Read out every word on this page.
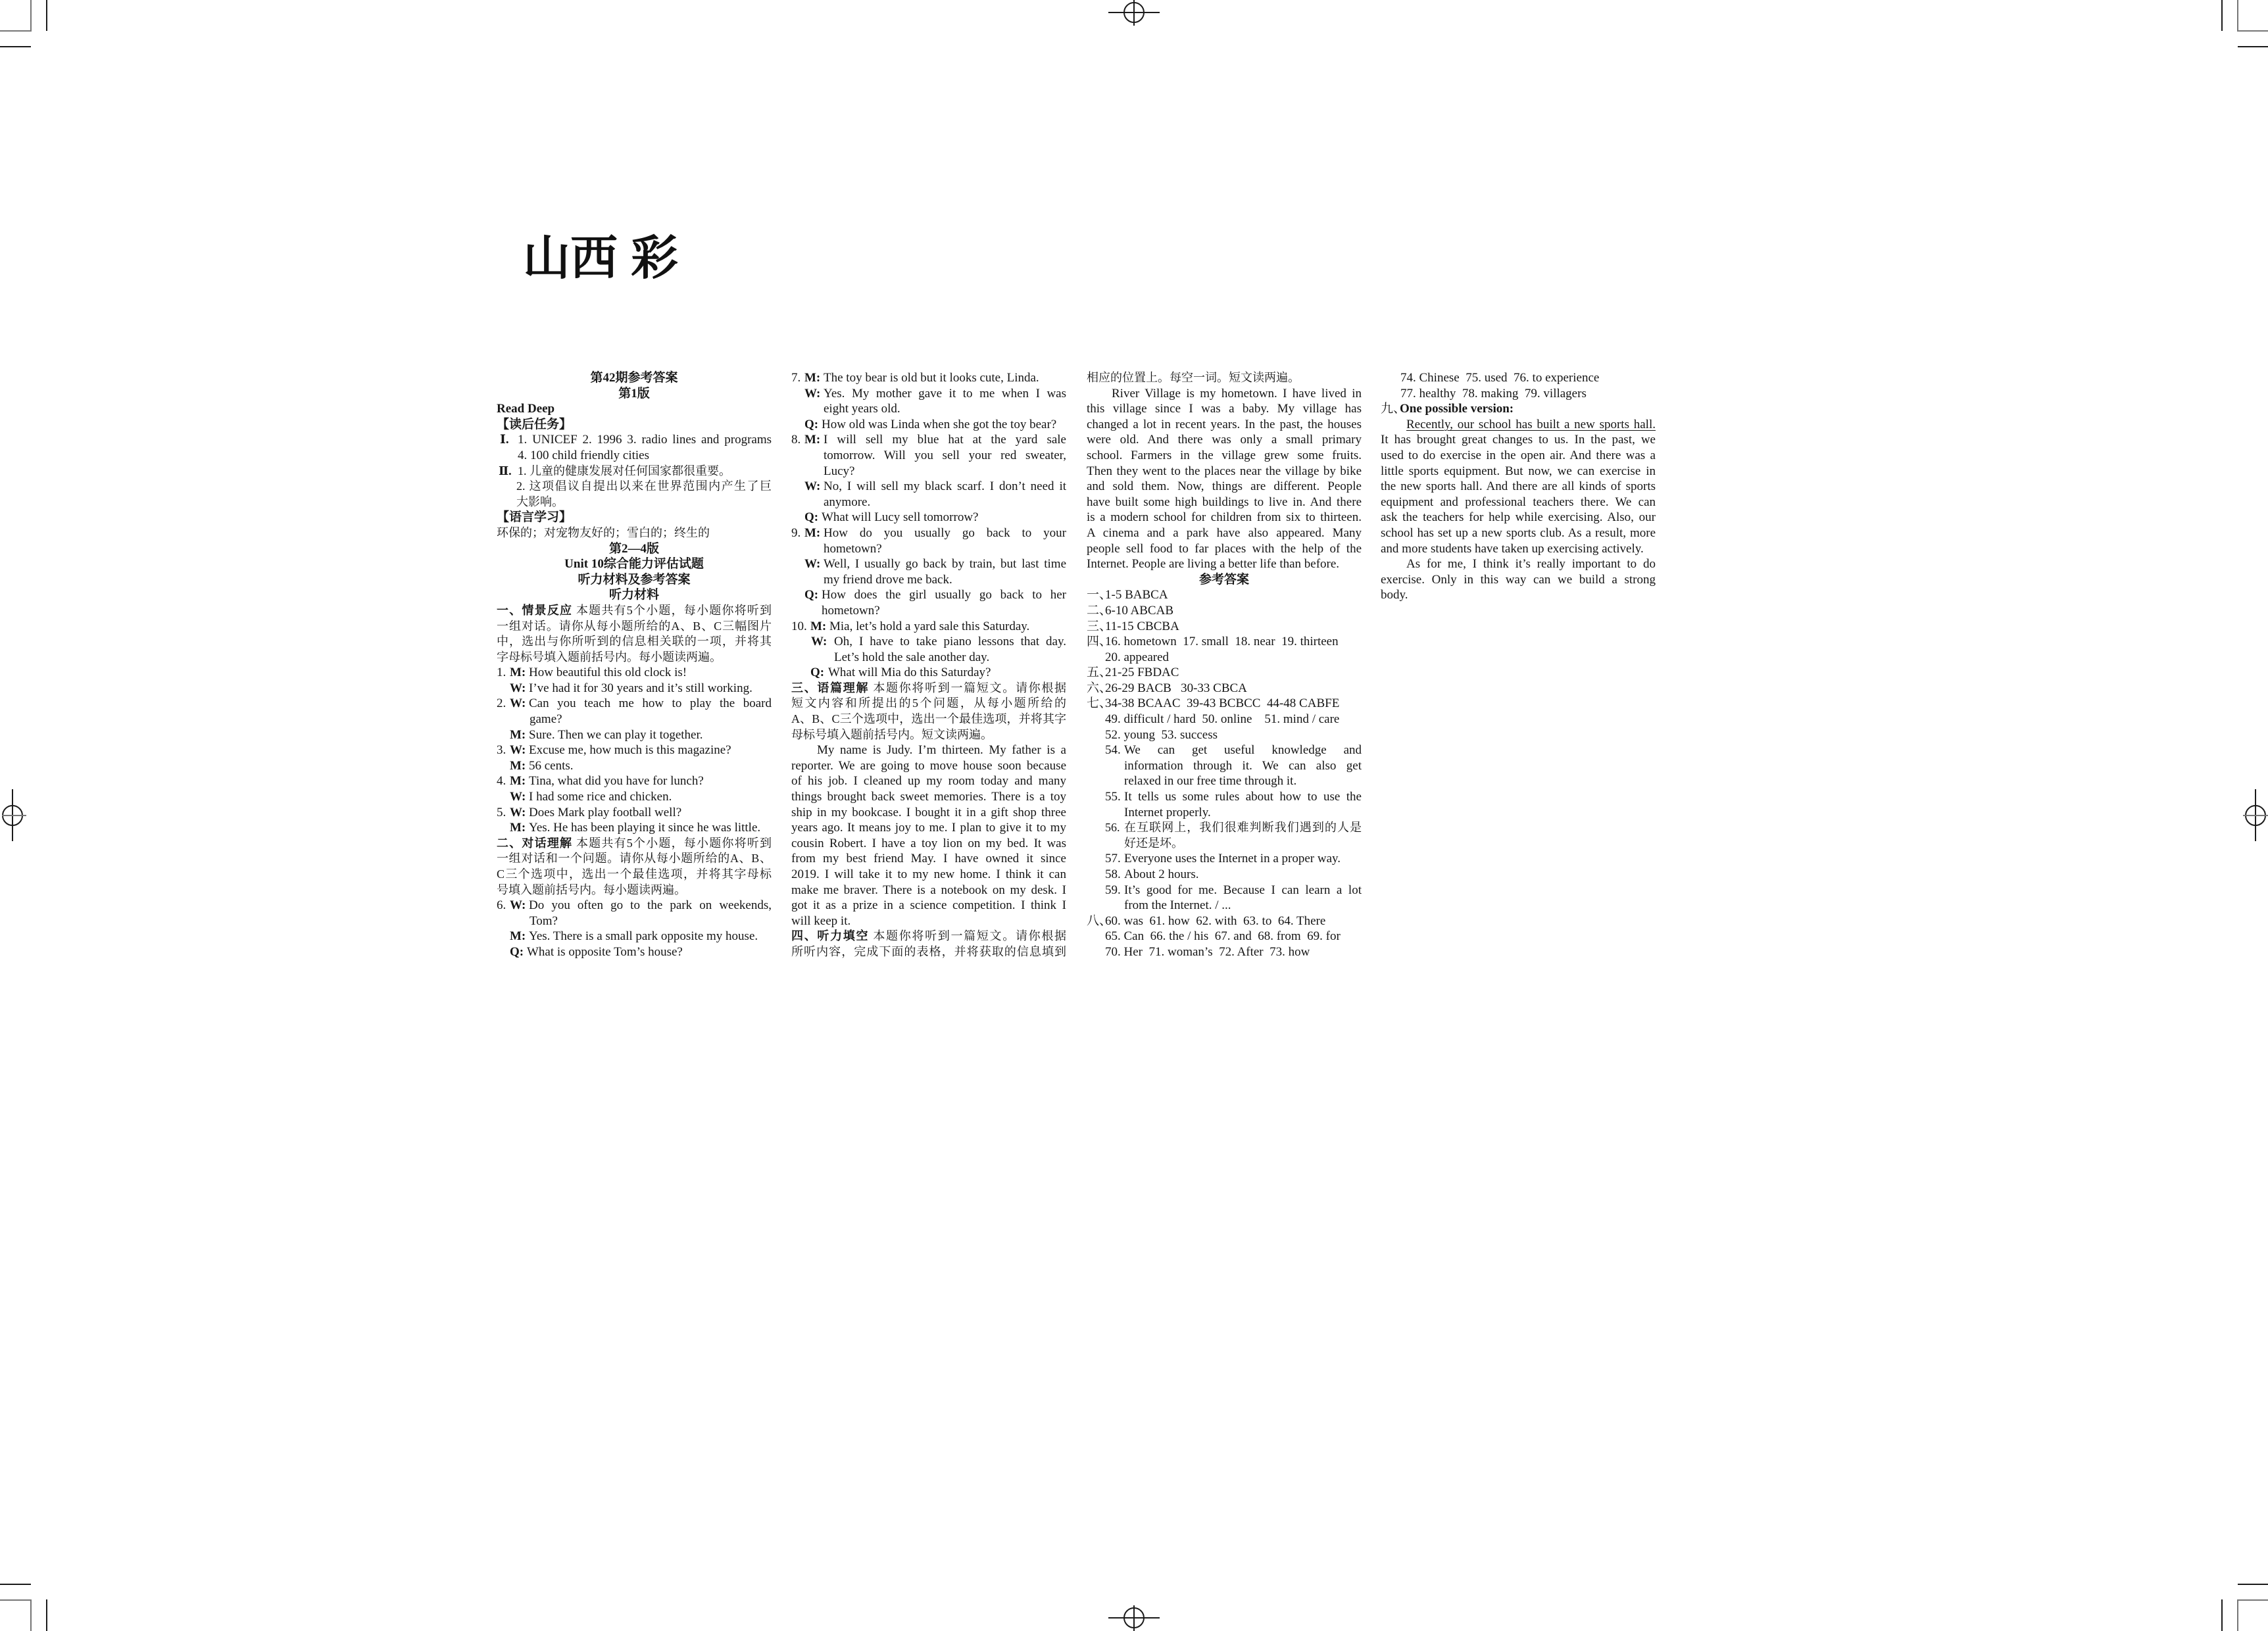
山西 彩
第42期参考答案
第1版
Read Deep
【读后任务】
Ⅰ. 1. UNICEF 2. 1996 3. radio lines and programs
4. 100 child friendly cities
Ⅱ. 1. 儿童的健康发展对任何国家都很重要。
2. 这项倡议自提出以来在世界范围内产生了巨
大影响。
【语言学习】
环保的；对宠物友好的；雪白的；终生的
第2—4版
Unit 10综合能力评估试题
听力材料及参考答案
听力材料
一、情景反应 本题共有5个小题，每小题你将听到
一组对话。请你从每小题所给的A、B、C三幅图片
中，选出与你所听到的信息相关联的一项，并将其
字母标号填入题前括号内。每小题读两遍。
1. M: How beautiful this old clock is!
W: I’ve had it for 30 years and it’s still working.
2. W: Can you teach me how to play the board
game?
M: Sure. Then we can play it together.
3. W: Excuse me, how much is this magazine?
M: 56 cents.
4. M: Tina, what did you have for lunch?
W: I had some rice and chicken.
5. W: Does Mark play football well?
M: Yes. He has been playing it since he was little.
二、对话理解 本题共有5个小题，每小题你将听到
一组对话和一个问题。请你从每小题所给的A、B、
C三个选项中，选出一个最佳选项，并将其字母标
号填入题前括号内。每小题读两遍。
6. W: Do you often go to the park on weekends,
Tom?
M: Yes. There is a small park opposite my house.
Q: What is opposite Tom’s house?
7. M: The toy bear is old but it looks cute, Linda.
W: Yes. My mother gave it to me when I was
eight years old.
Q: How old was Linda when she got the toy bear?
8. M: I will sell my blue hat at the yard sale
tomorrow. Will you sell your red sweater,
Lucy?
W: No, I will sell my black scarf. I don’t need it
anymore.
Q: What will Lucy sell tomorrow?
9. M: How do you usually go back to your
hometown?
W: Well, I usually go back by train, but last time
my friend drove me back.
Q: How does the girl usually go back to her
hometown?
10. M: Mia, let’s hold a yard sale this Saturday.
W: Oh, I have to take piano lessons that day.
Let’s hold the sale another day.
Q: What will Mia do this Saturday?
三、语篇理解 本题你将听到一篇短文。请你根据
短文内容和所提出的5个问题，从每小题所给的
A、B、C三个选项中，选出一个最佳选项，并将其字
母标号填入题前括号内。短文读两遍。
My name is Judy. I’m thirteen. My father is a
reporter. We are going to move house soon because
of his job. I cleaned up my room today and many
things brought back sweet memories. There is a toy
ship in my bookcase. I bought it in a gift shop three
years ago. It means joy to me. I plan to give it to my
cousin Robert. I have a toy lion on my bed. It was
from my best friend May. I have owned it since
2019. I will take it to my new home. I think it can
make me braver. There is a notebook on my desk. I
got it as a prize in a science competition. I think I
will keep it.
四、听力填空 本题你将听到一篇短文。请你根据
所听内容，完成下面的表格，并将获取的信息填到
相应的位置上。每空一词。短文读两遍。
River Village is my hometown. I have lived in
this village since I was a baby. My village has
changed a lot in recent years. In the past, the houses
were old. And there was only a small primary
school. Farmers in the village grew some fruits.
Then they went to the places near the village by bike
and sold them. Now, things are different. People
have built some high buildings to live in. And there
is a modern school for children from six to thirteen.
A cinema and a park have also appeared. Many
people sell food to far places with the help of the
Internet. People are living a better life than before.
参考答案
一、
1-5 BABCA
二、
6-10 ABCAB
三、
11-15 CBCBA
四、
16. hometown  17. small  18. near  19. thirteen
20. appeared
五、
21-25 FBDAC
六、
26-29 BACB   30-33 CBCA
七、
34-38 BCAAC  39-43 BCBCC  44-48 CABFE
49. difficult / hard  50. online    51. mind / care
52. young  53. success
54. We can get useful knowledge and
information through it. We can also get
relaxed in our free time through it.
55. It tells us some rules about how to use the
Internet properly.
56. 在互联网上，我们很难判断我们遇到的人是
好还是坏。
57. Everyone uses the Internet in a proper way.
58. About 2 hours.
59. It’s good for me. Because I can learn a lot
from the Internet. / ...
八、
60. was  61. how  62. with  63. to  64. There
65. Can  66. the / his  67. and  68. from  69. for
70. Her  71. woman’s  72. After  73. how
74. Chinese  75. used  76. to experience
77. healthy  78. making  79. villagers
九、
One possible version:
Recently, our school has built a new sports hall.
It has brought great changes to us. In the past, we
used to do exercise in the open air. And there was a
little sports equipment. But now, we can exercise in
the new sports hall. And there are all kinds of sports
equipment and professional teachers there. We can
ask the teachers for help while exercising. Also, our
school has set up a new sports club. As a result, more
and more students have taken up exercising actively.
As for me, I think it’s really important to do
exercise. Only in this way can we build a strong
body.
